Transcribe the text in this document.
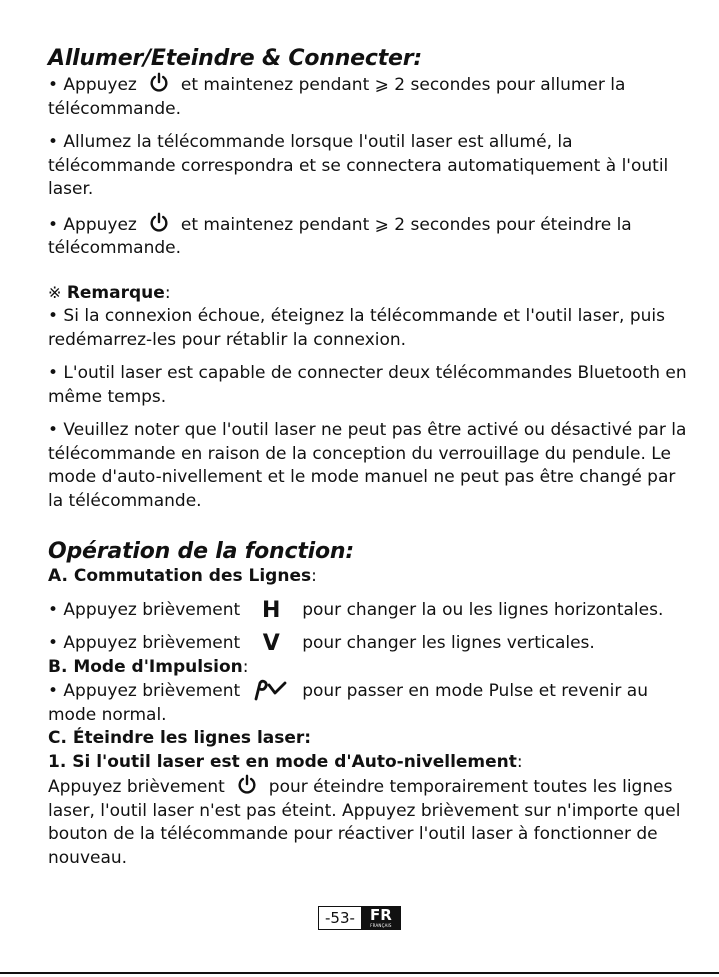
Allumer/Eteindre & Connecter:

• Appuyez	et maintenez pendant ⩾ 2 secondes pour allumer la télécommande.

• Allumez la télécommande lorsque l'outil laser est allumé, la télécommande correspondra et se connectera automatiquement à l'outil laser.

• Appuyez	et maintenez pendant ⩾ 2 secondes pour éteindre la télécommande.

※ Remarque:

• Si la connexion échoue, éteignez la télécommande et l'outil laser, puis redémarrez-les pour rétablir la connexion.

• L'outil laser est capable de connecter deux télécommandes Bluetooth en même temps.

• Veuillez noter que l'outil laser ne peut pas être activé ou désactivé par la télécommande en raison de la conception du verrouillage du pendule. Le mode d'auto-nivellement et le mode manuel ne peut pas être changé par la télécommande.

Opération de la fonction:

A. Commutation des Lignes:

• Appuyez brièvement H pour changer la ou les lignes horizontales.

• Appuyez brièvement V pour changer les lignes verticales.

B. Mode d'Impulsion:

• Appuyez brièvement	pour passer en mode Pulse et revenir au mode normal.

C. Éteindre les lignes laser:

1. Si l'outil laser est en mode d'Auto-nivellement:

Appuyez brièvement	pour éteindre temporairement toutes les lignes laser, l'outil laser n'est pas éteint. Appuyez brièvement sur n'importe quel bouton de la télécommande pour réactiver l'outil laser à fonctionner de nouveau.

-53-	FR
FRANÇAIS
